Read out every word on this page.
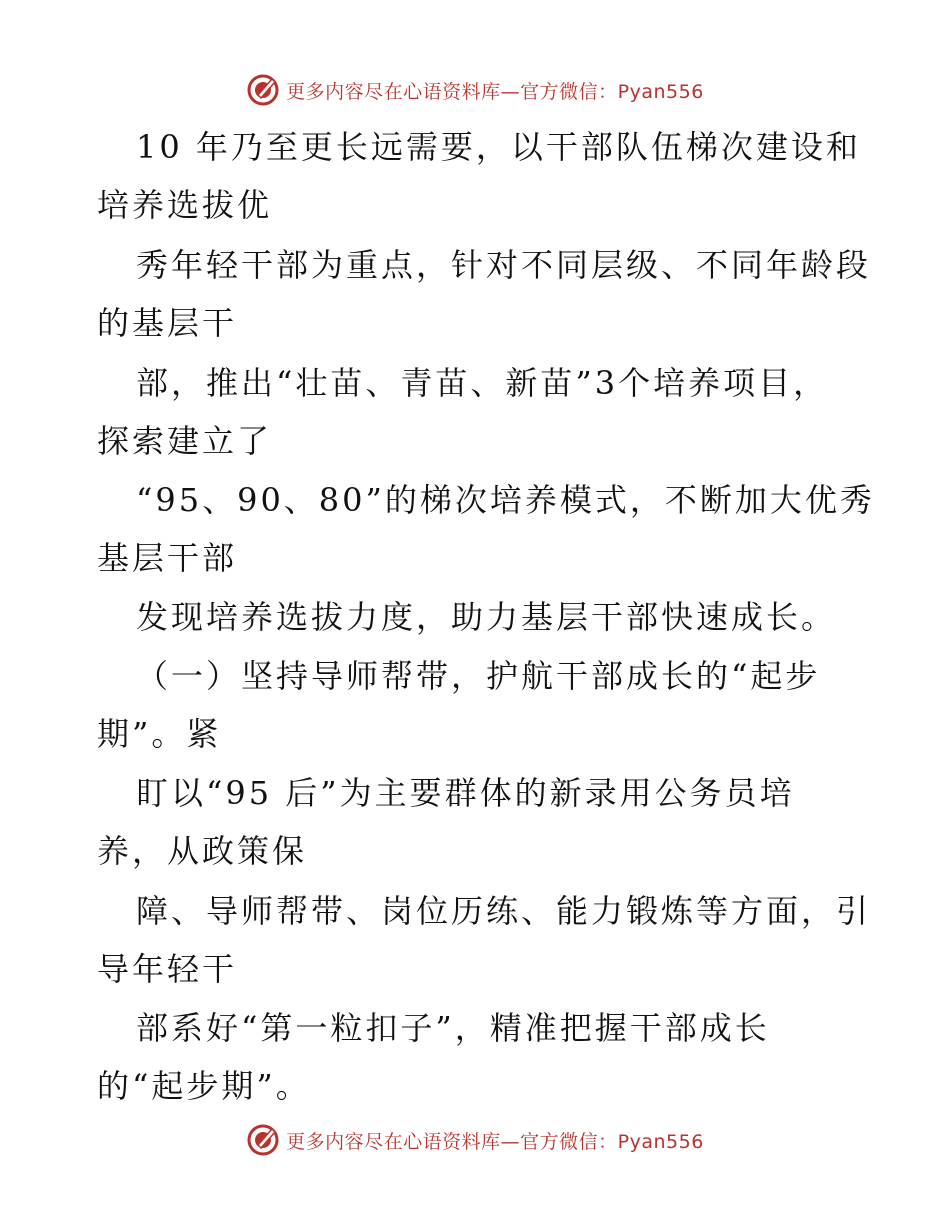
更多内容尽在心语资料库—官方微信：Pyan556
10 年乃至更长远需要，以干部队伍梯次建设和
培养选拔优
秀年轻干部为重点，针对不同层级、不同年龄段
的基层干
部，推出“壮苗、青苗、新苗”3个培养项目，
探索建立了
“95、90、80”的梯次培养模式，不断加大优秀
基层干部
发现培养选拔力度，助力基层干部快速成长。
（一）坚持导师帮带，护航干部成长的“起步
期”。紧
盯以“95 后”为主要群体的新录用公务员培
养，从政策保
障、导师帮带、岗位历练、能力锻炼等方面，引
导年轻干
部系好“第一粒扣子”，精准把握干部成长
的“起步期”。
更多内容尽在心语资料库—官方微信：Pyan556
